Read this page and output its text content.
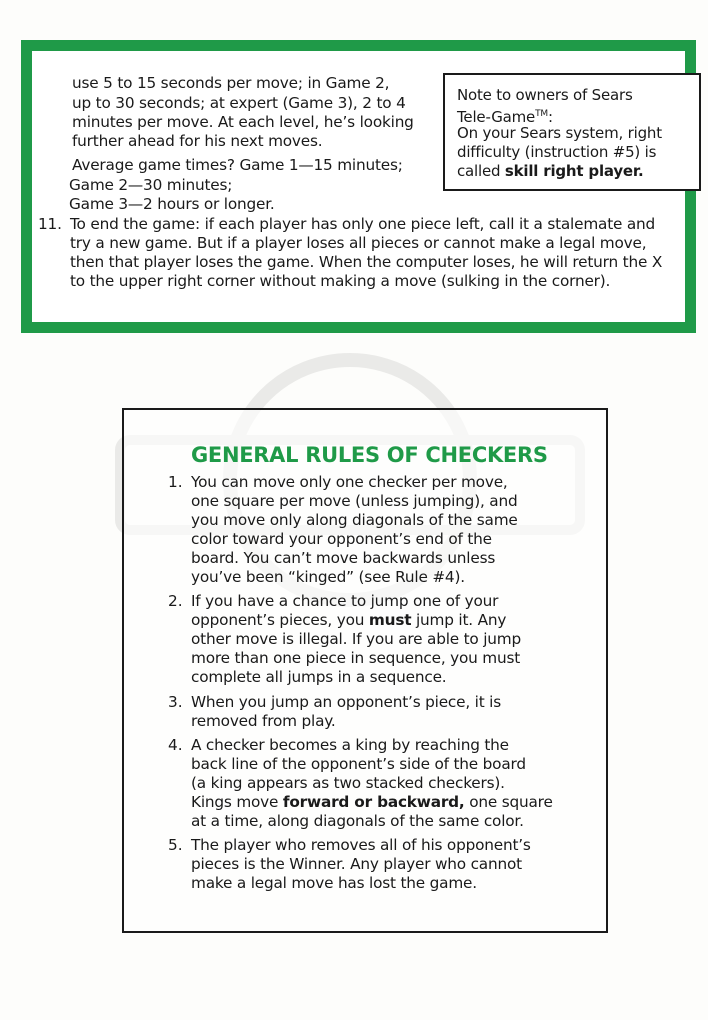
use 5 to 15 seconds per move; in Game 2,
up to 30 seconds; at expert (Game 3), 2 to 4
minutes per move. At each level, he’s looking
further ahead for his next moves.
Average game times? Game 1—15 minutes;
Game 2—30 minutes;
Game 3—2 hours or longer.
Note to owners of Sears
Tele-Game™:
On your Sears system, right
difficulty (instruction #5) is
called skill right player.
11. To end the game: if each player has only one piece left, call it a stalemate and
try a new game. But if a player loses all pieces or cannot make a legal move,
then that player loses the game. When the computer loses, he will return the X
to the upper right corner without making a move (sulking in the corner).
GENERAL RULES OF CHECKERS
1. You can move only one checker per move,
one square per move (unless jumping), and
you move only along diagonals of the same
color toward your opponent’s end of the
board. You can’t move backwards unless
you’ve been “kinged” (see Rule #4).
2. If you have a chance to jump one of your
opponent’s pieces, you must jump it. Any
other move is illegal. If you are able to jump
more than one piece in sequence, you must
complete all jumps in a sequence.
3. When you jump an opponent’s piece, it is
removed from play.
4. A checker becomes a king by reaching the
back line of the opponent’s side of the board
(a king appears as two stacked checkers).
Kings move forward or backward, one square
at a time, along diagonals of the same color.
5. The player who removes all of his opponent’s
pieces is the Winner. Any player who cannot
make a legal move has lost the game.
